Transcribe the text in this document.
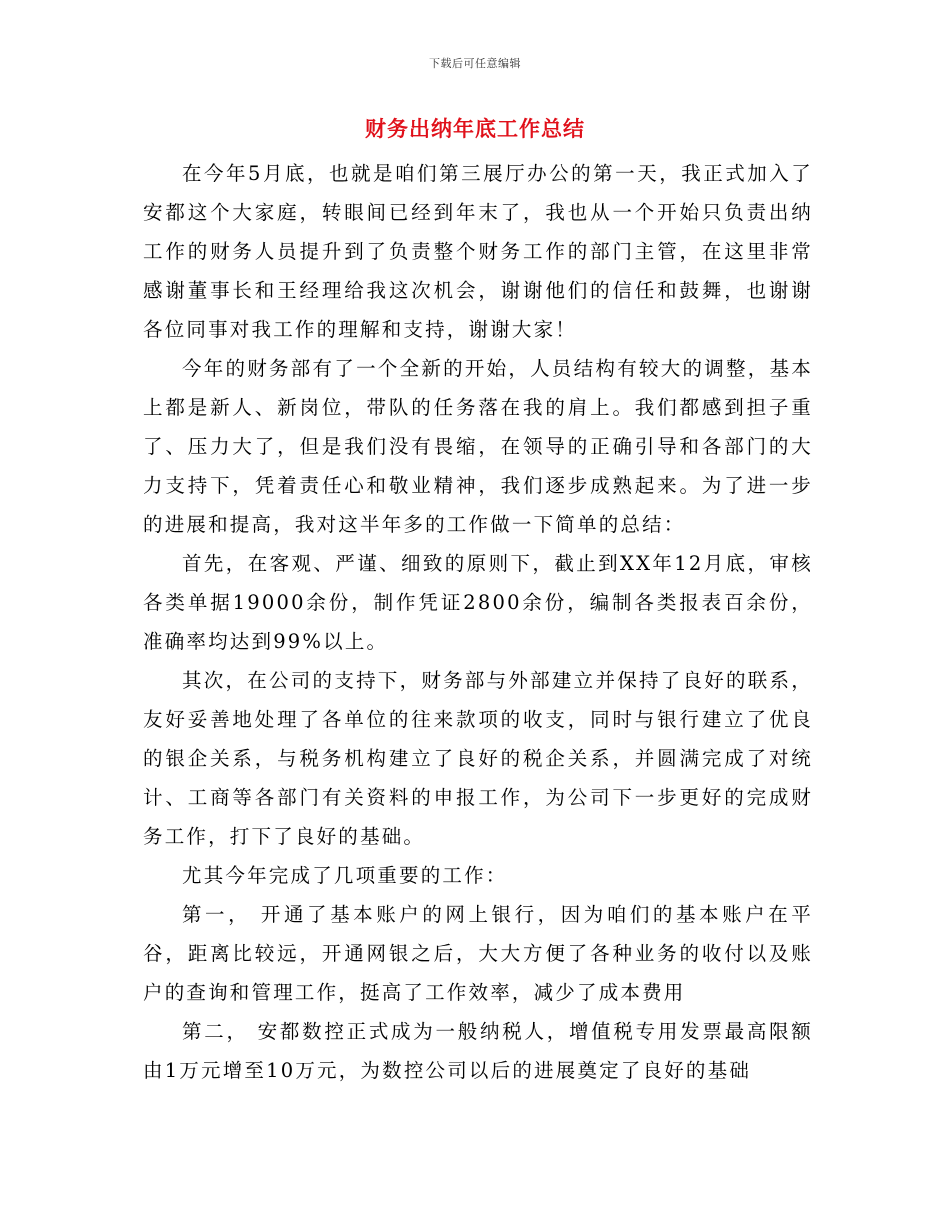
下载后可任意编辑
财务出纳年底工作总结

在今年5月底，也就是咱们第三展厅办公的第一天，我正式加入了安都这个大家庭，转眼间已经到年末了，我也从一个开始只负责出纳工作的财务人员提升到了负责整个财务工作的部门主管，在这里非常感谢董事长和王经理给我这次机会，谢谢他们的信任和鼓舞，也谢谢各位同事对我工作的理解和支持，谢谢大家！

今年的财务部有了一个全新的开始，人员结构有较大的调整，基本上都是新人、新岗位，带队的任务落在我的肩上。我们都感到担子重了、压力大了，但是我们没有畏缩，在领导的正确引导和各部门的大力支持下，凭着责任心和敬业精神，我们逐步成熟起来。为了进一步的进展和提高，我对这半年多的工作做一下简单的总结：

首先，在客观、严谨、细致的原则下，截止到XX年12月底，审核各类单据19000余份，制作凭证2800余份，编制各类报表百余份，准确率均达到99%以上。

其次，在公司的支持下，财务部与外部建立并保持了良好的联系，友好妥善地处理了各单位的往来款项的收支，同时与银行建立了优良的银企关系，与税务机构建立了良好的税企关系，并圆满完成了对统计、工商等各部门有关资料的申报工作，为公司下一步更好的完成财务工作，打下了良好的基础。

尤其今年完成了几项重要的工作：

第一， 开通了基本账户的网上银行，因为咱们的基本账户在平谷，距离比较远，开通网银之后，大大方便了各种业务的收付以及账户的查询和管理工作，挺高了工作效率，减少了成本费用

第二， 安都数控正式成为一般纳税人，增值税专用发票最高限额由1万元增至10万元，为数控公司以后的进展奠定了良好的基础
